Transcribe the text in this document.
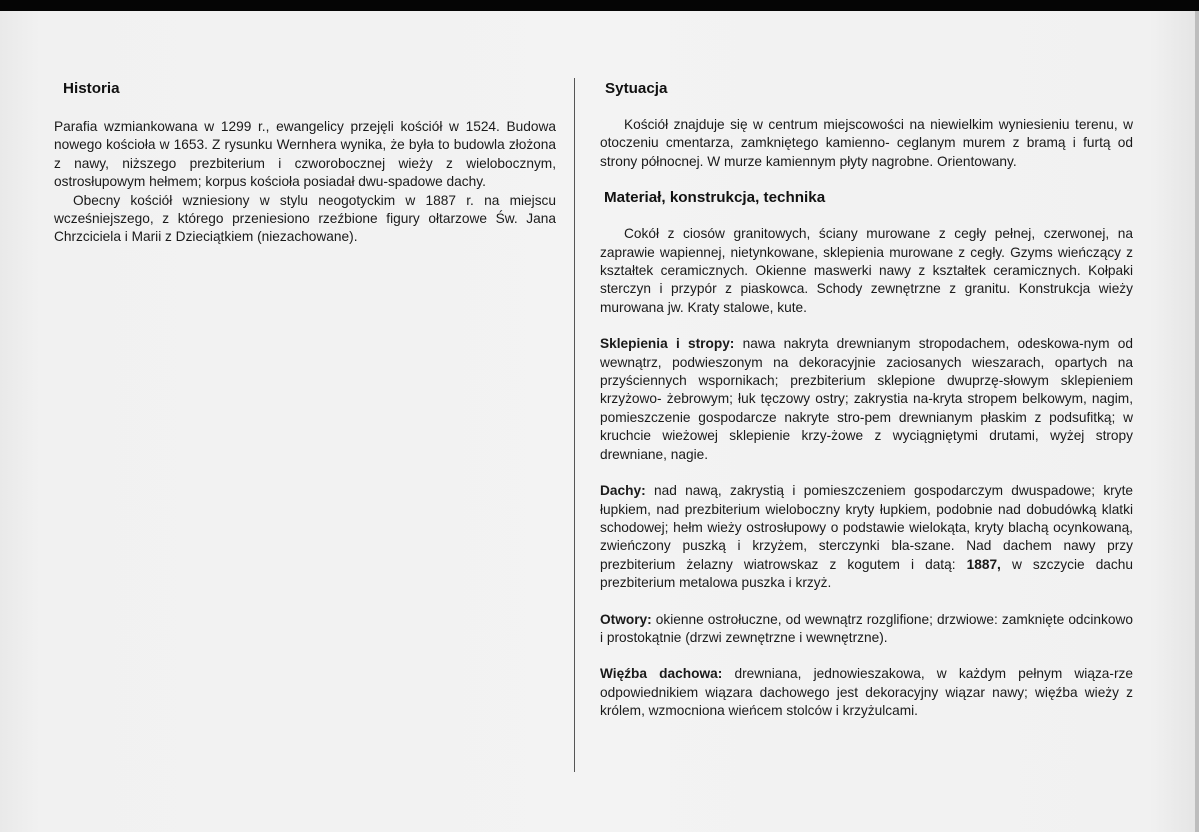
Historia

Parafia wzmiankowana w 1299 r., ewangelicy przejęli kościół w 1524. Budowa nowego kościoła w 1653. Z rysunku Wernhera wynika, że była to budowla złożona z nawy, niższego prezbiterium i czworobocznej wieży z wielobocznym, ostrosłupowym hełmem; korpus kościoła posiadał dwu-spadowe dachy.

Obecny kościół wzniesiony w stylu neogotyckim w 1887 r. na miejscu wcześniejszego, z którego przeniesiono rzeźbione figury ołtarzowe Św. Jana Chrzciciela i Marii z Dzieciątkiem (niezachowane).

Sytuacja

Kościół znajduje się w centrum miejscowości na niewielkim wyniesieniu terenu, w otoczeniu cmentarza, zamkniętego kamienno- ceglanym murem z bramą i furtą od strony północnej. W murze kamiennym płyty nagrobne. Orientowany.

Materiał, konstrukcja, technika

Cokół z ciosów granitowych, ściany murowane z cegły pełnej, czerwonej, na zaprawie wapiennej, nietynkowane, sklepienia murowane z cegły. Gzyms wieńczący z kształtek ceramicznych. Okienne maswerki nawy z kształtek ceramicznych. Kołpaki sterczyn i przypór z piaskowca. Schody zewnętrzne z granitu. Konstrukcja wieży murowana jw. Kraty stalowe, kute.

Sklepienia i stropy: nawa nakryta drewnianym stropodachem, odeskowa-nym od wewnątrz, podwieszonym na dekoracyjnie zaciosanych wieszarach, opartych na przyściennych wspornikach; prezbiterium sklepione dwuprzę-słowym sklepieniem krzyżowo- żebrowym; łuk tęczowy ostry; zakrystia na-kryta stropem belkowym, nagim, pomieszczenie gospodarcze nakryte stro-pem drewnianym płaskim z podsufitką; w kruchcie wieżowej sklepienie krzy-żowe z wyciągniętymi drutami, wyżej stropy drewniane, nagie.

Dachy: nad nawą, zakrystią i pomieszczeniem gospodarczym dwuspadowe; kryte łupkiem, nad prezbiterium wieloboczny kryty łupkiem, podobnie nad dobudówką klatki schodowej; hełm wieży ostrosłupowy o podstawie wielokąta, kryty blachą ocynkowaną, zwieńczony puszką i krzyżem, sterczynki bla-szane. Nad dachem nawy przy prezbiterium żelazny wiatrowskaz z kogutem i datą: 1887, w szczycie dachu prezbiterium metalowa puszka i krzyż.

Otwory: okienne ostrołuczne, od wewnątrz rozglifione; drzwiowe: zamknięte odcinkowo i prostokątnie (drzwi zewnętrzne i wewnętrzne).

Więźba dachowa: drewniana, jednowieszakowa, w każdym pełnym wiąza-rze odpowiednikiem wiązara dachowego jest dekoracyjny wiązar nawy; więźba wieży z królem, wzmocniona wieńcem stolców i krzyżulcami.
